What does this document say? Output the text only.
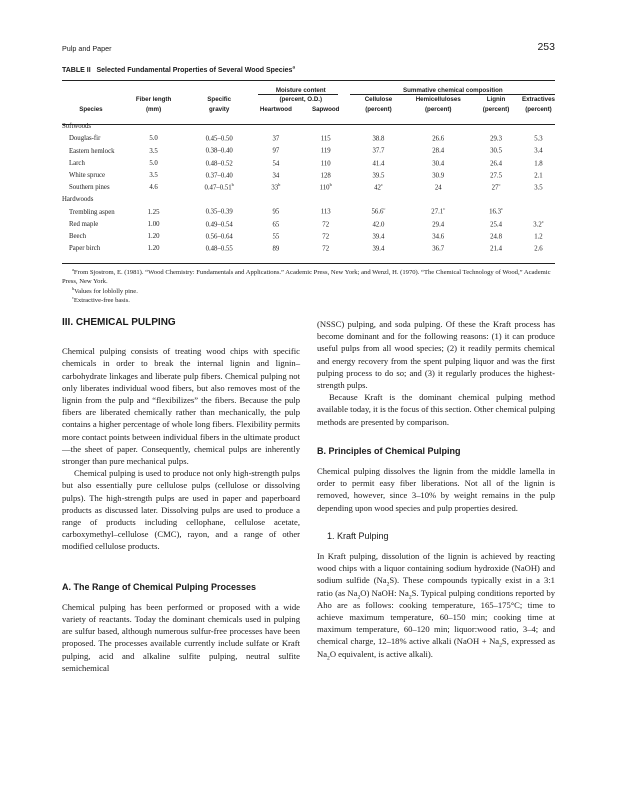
Pulp and Paper	253
TABLE II Selected Fundamental Properties of Several Wood Species$^a$
			Moisture content		Summative chemical composition			
	Fiber length	Specific	(percent, O.D.)		Cellulose	Hemicelluloses	Lignin	Extractives
Species	(mm)	gravity	Heartwood	Sapwood	(percent)	(percent)	(percent)	(percent)

Softwoods								
Douglas-fir	5.0	0.45–0.50	37	115	38.8	26.6	29.3	5.3
Eastern hemlock	3.5	0.38–0.40	97	119	37.7	28.4	30.5	3.4
Larch	5.0	0.48–0.52	54	110	41.4	30.4	26.4	1.8
White spruce	3.5	0.37–0.40	34	128	39.5	30.9	27.5	2.1
Southern pines	4.6	0.47–0.51$^b$	33$^b$	110$^b$	42$^c$	24	27$^c$	3.5
Hardwoods								
Trembling aspen	1.25	0.35–0.39	95	113	56.6$^c$	27.1$^c$	16.3$^c$	
Red maple	1.00	0.49–0.54	65	72	42.0	29.4	25.4	3.2$^c$
Beech	1.20	0.56–0.64	55	72	39.4	34.6	24.8	1.2
Paper birch	1.20	0.48–0.55	89	72	39.4	36.7	21.4	2.6
$^a$From Sjostrom, E. (1981). “Wood Chemistry: Fundamentals and Applications.” Academic Press, New York; and Wenzl, H. (1970). “The Chemical Technology of Wood,” Academic Press, New York.
$^b$Values for loblolly pine.
$^c$Extractive-free basis.
III. CHEMICAL PULPING

Chemical pulping consists of treating wood chips with specific chemicals in order to break the internal lignin and lignin–carbohydrate linkages and liberate pulp fibers. Chemical pulping not only liberates individual wood fibers, but also removes most of the lignin from the pulp and “flexibilizes” the fibers. Because the pulp fibers are liberated chemically rather than mechanically, the pulp contains a higher percentage of whole long fibers. Flexibility permits more contact points between individual fibers in the ultimate product—the sheet of paper. Consequently, chemical pulps are inherently stronger than pure mechanical pulps.

Chemical pulping is used to produce not only high-strength pulps but also essentially pure cellulose pulps (cellulose or dissolving pulps). The high-strength pulps are used in paper and paperboard products as discussed later. Dissolving pulps are used to produce a range of products including cellophane, cellulose acetate, carboxymethyl–cellulose (CMC), rayon, and a range of other modified cellulose products.

A. The Range of Chemical Pulping Processes

Chemical pulping has been performed or proposed with a wide variety of reactants. Today the dominant chemicals used in pulping are sulfur based, although numerous sulfur-free processes have been proposed. The processes available currently include sulfate or Kraft pulping, acid and alkaline sulfite pulping, neutral sulfite semichemical

(NSSC) pulping, and soda pulping. Of these the Kraft process has become dominant and for the following reasons: (1) it can produce useful pulps from all wood species; (2) it readily permits chemical and energy recovery from the spent pulping liquor and was the first pulping process to do so; and (3) it regularly produces the highest-strength pulps.

Because Kraft is the dominant chemical pulping method available today, it is the focus of this section. Other chemical pulping methods are presented by comparison.

B. Principles of Chemical Pulping

Chemical pulping dissolves the lignin from the middle lamella in order to permit easy fiber liberations. Not all of the lignin is removed, however, since 3–10% by weight remains in the pulp depending upon wood species and pulp properties desired.

1. Kraft Pulping

In Kraft pulping, dissolution of the lignin is achieved by reacting wood chips with a liquor containing sodium hydroxide (NaOH) and sodium sulfide $(Na_2S)$. These compounds typically exist in a 3:1 ratio (as $Na_2O$) NaOH: $Na_2S$. Typical pulping conditions reported by Aho are as follows: cooking temperature, 165–175°C; time to achieve maximum temperature, 60–150 min; cooking time at maximum temperature, 60–120 min; liquor:wood ratio, 3–4; and chemical charge, 12–18% active alkali (NaOH + $Na_2S$, expressed as $Na_2O$ equivalent, is active alkali).
